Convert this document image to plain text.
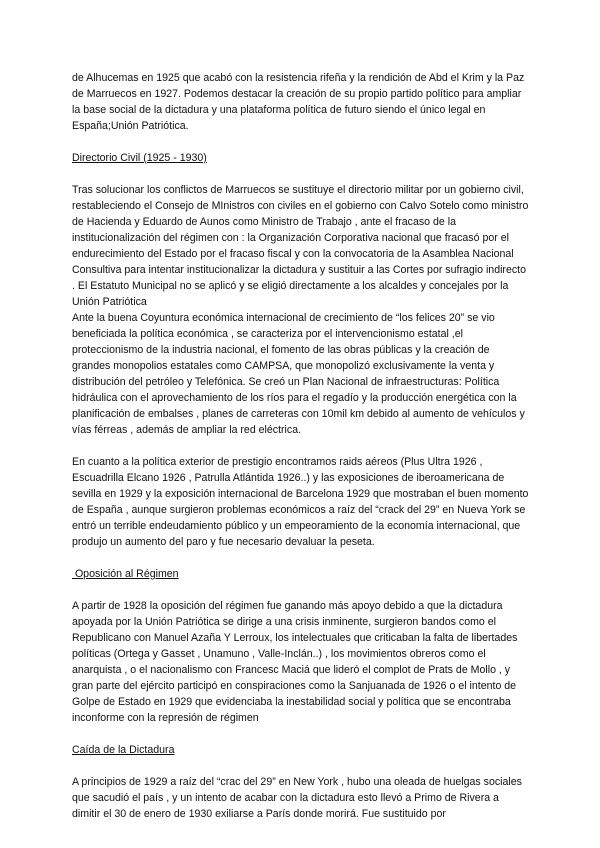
de Alhucemas en 1925 que acabó con la resistencia rifeña y la rendición de Abd el Krim y la Paz de Marruecos en 1927. Podemos destacar la creación de su propio partido político para ampliar la base social de la dictadura y una plataforma política de futuro siendo el único legal en España;Unión Patriótica.

Directorio Civil (1925 - 1930)

Tras solucionar los conflictos de Marruecos se sustituye el directorio militar por un gobierno civil, restableciendo el Consejo de MInistros con civiles en el gobierno con Calvo Sotelo como ministro de Hacienda y Eduardo de Aunos como Ministro de Trabajo , ante el fracaso de la institucionalización del régimen con : la Organización Corporativa nacional que fracasó por el endurecimiento del Estado por el fracaso fiscal y con la convocatoria de la Asamblea Nacional Consultiva para intentar institucionalizar la dictadura y sustituir a las Cortes por sufragio indirecto . El Estatuto Municipal no se aplicó y se eligió directamente a los alcaldes y concejales por la Unión Patriótica

Ante la buena Coyuntura económica internacional de crecimiento de “los felices 20” se vio beneficiada la política económica , se caracteriza por el intervencionismo estatal ,el proteccionismo de la industria nacional, el fomento de las obras públicas y la creación de grandes monopolios estatales como CAMPSA, que monopolizó exclusivamente la venta y distribución del petróleo y Telefónica. Se creó un Plan Nacional de infraestructuras: Política hidráulica con el aprovechamiento de los ríos para el regadío y la producción energética con la planificación de embalses , planes de carreteras con 10mil km debido al aumento de vehículos y vías férreas , además de ampliar la red eléctrica.

En cuanto a la política exterior de prestigio encontramos raids aéreos (Plus Ultra 1926 , Escuadrilla Elcano 1926 , Patrulla Atlántida 1926..) y las exposiciones de iberoamericana de sevilla en 1929 y la exposición internacional de Barcelona 1929 que mostraban el buen momento de España , aunque surgieron problemas económicos a raíz del “crack del 29” en Nueva York se entró un terrible endeudamiento público y un empeoramiento de la economía internacional, que produjo un aumento del paro y fue necesario devaluar la peseta.

Oposición al Régimen

A partir de 1928 la oposición del régimen fue ganando más apoyo debido a que la dictadura apoyada por la Unión Patriótica se dirige a una crisis inminente, surgieron bandos como el Republicano con Manuel Azaña Y Lerroux, los intelectuales que criticaban la falta de libertades políticas (Ortega y Gasset , Unamuno , Valle-Inclán..) , los movimientos obreros como el anarquista , o el nacionalismo con Francesc Maciá que lideró el complot de Prats de Mollo , y gran parte del ejército participó en conspiraciones como la Sanjuanada de 1926 o el intento de Golpe de Estado en 1929 que evidenciaba la inestabilidad social y política que se encontraba inconforme con la represión de régimen

Caída de la Dictadura

A principios de 1929 a raíz del “crac del 29” en New York , hubo una oleada de huelgas sociales que sacudió el país , y un intento de acabar con la dictadura esto llevó a Primo de Rivera a dimitir el 30 de enero de 1930 exiliarse a París donde morirá. Fue sustituido por
